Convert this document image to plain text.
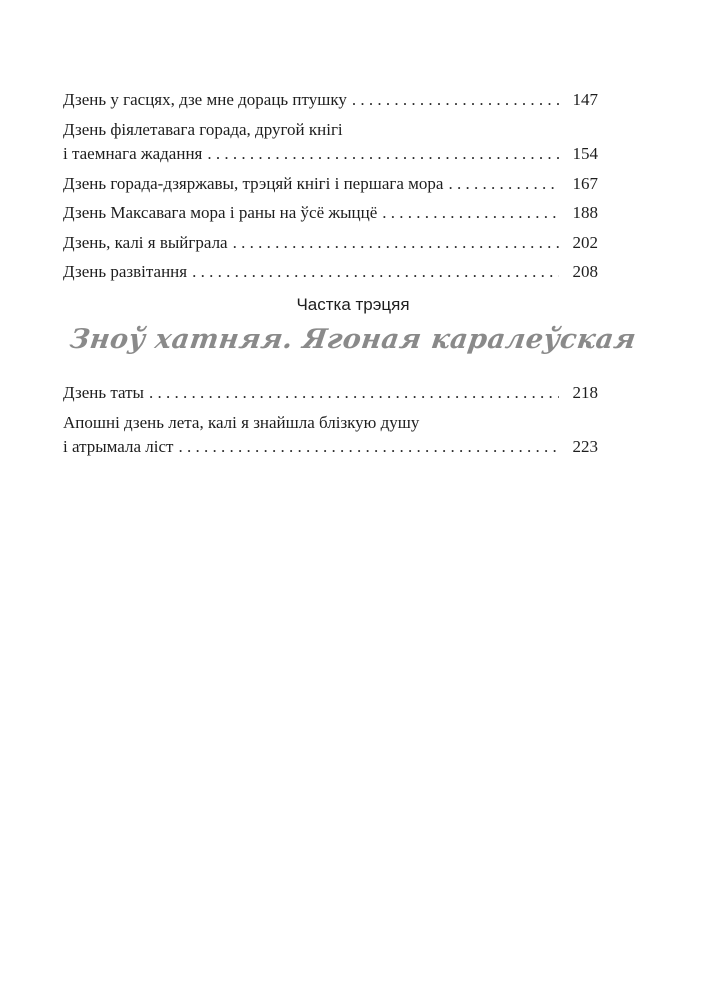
Дзень у гасцях, дзе мне дораць птушку . . .	147
Дзень фіялетавага горада, другой кнігі
і таемнага жадання . . .	154
Дзень горада-дзяржавы, трэцяй кнігі і першага мора . . .	167
Дзень Максавага мора і раны на ўсё жыццё . . .	188
Дзень, калі я выйграла . . .	202
Дзень развітання . . .	208
Частка трэцяя
Зноў хатняя. Ягоная каралеўская
Дзень таты . . .	218
Апошні дзень лета, калі я знайшла блізкую душу
і атрымала ліст . . .	223
